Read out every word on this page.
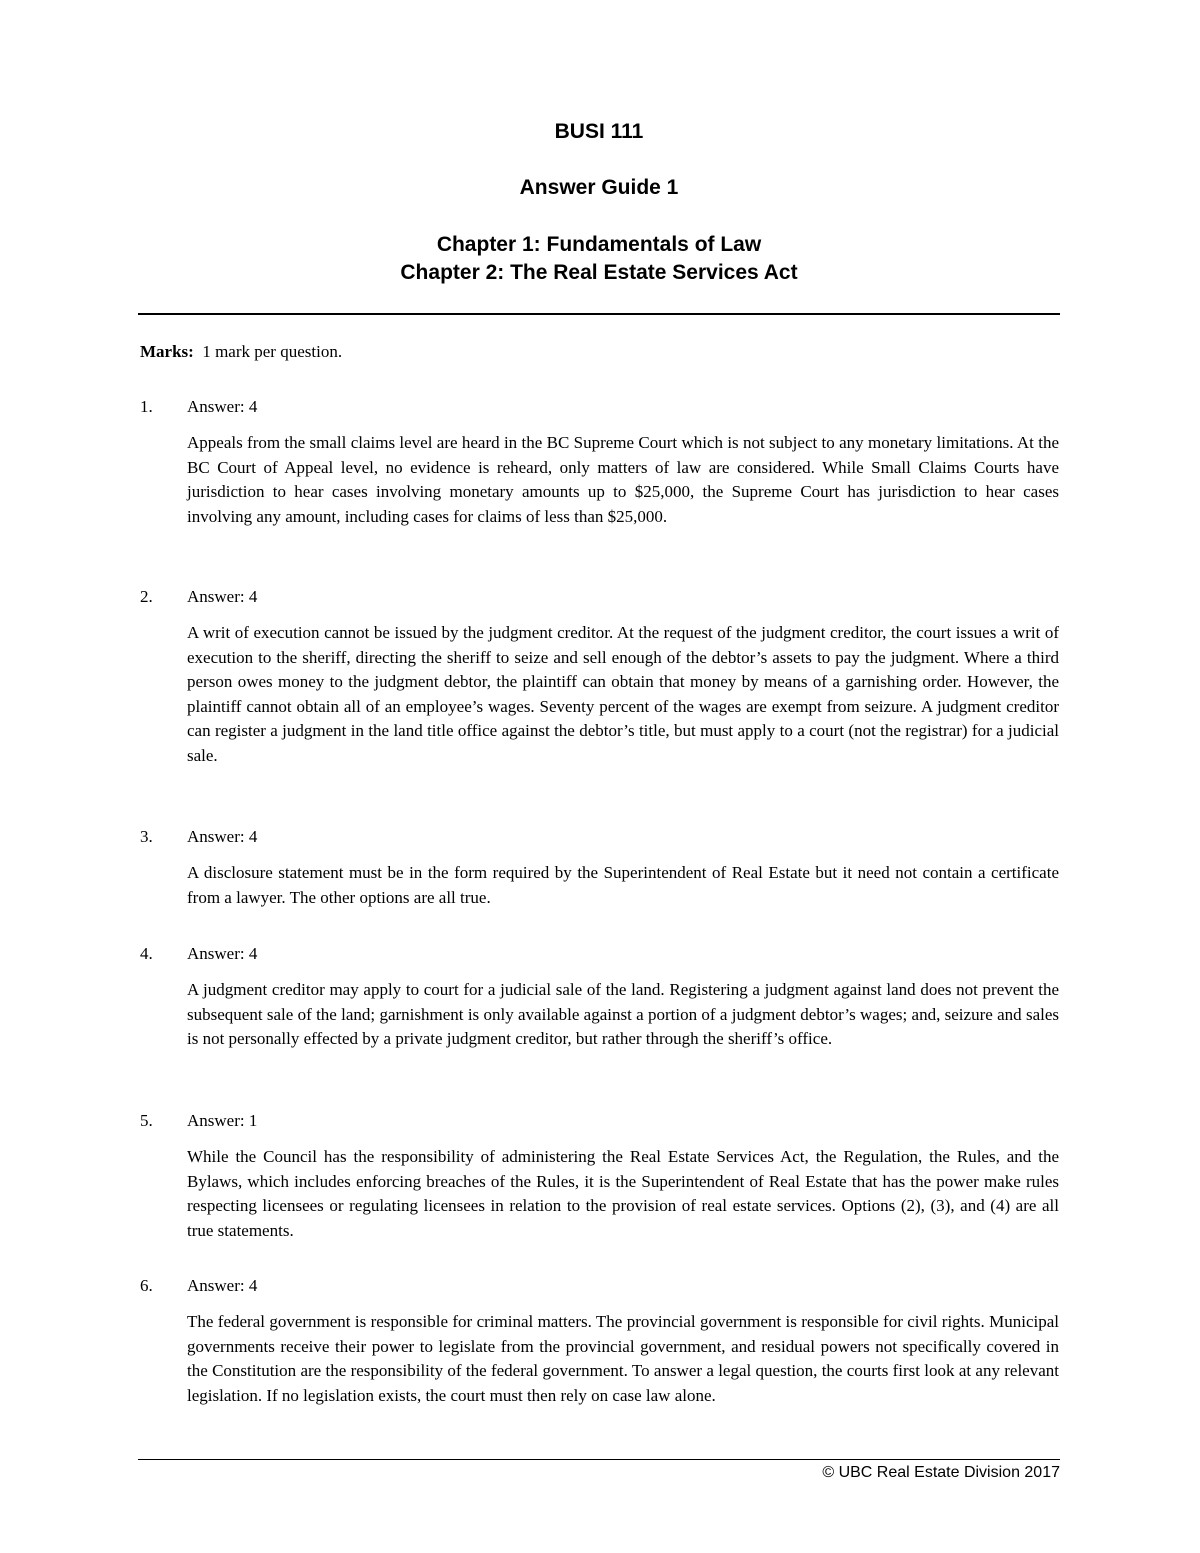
BUSI 111
Answer Guide 1
Chapter 1: Fundamentals of Law
Chapter 2: The Real Estate Services Act
Marks: 1 mark per question.
1. Answer: 4

Appeals from the small claims level are heard in the BC Supreme Court which is not subject to any monetary limitations. At the BC Court of Appeal level, no evidence is reheard, only matters of law are considered. While Small Claims Courts have jurisdiction to hear cases involving monetary amounts up to $25,000, the Supreme Court has jurisdiction to hear cases involving any amount, including cases for claims of less than $25,000.

2. Answer: 4

A writ of execution cannot be issued by the judgment creditor. At the request of the judgment creditor, the court issues a writ of execution to the sheriff, directing the sheriff to seize and sell enough of the debtor’s assets to pay the judgment. Where a third person owes money to the judgment debtor, the plaintiff can obtain that money by means of a garnishing order. However, the plaintiff cannot obtain all of an employee’s wages. Seventy percent of the wages are exempt from seizure. A judgment creditor can register a judgment in the land title office against the debtor’s title, but must apply to a court (not the registrar) for a judicial sale.

3. Answer: 4

A disclosure statement must be in the form required by the Superintendent of Real Estate but it need not contain a certificate from a lawyer. The other options are all true.

4. Answer: 4

A judgment creditor may apply to court for a judicial sale of the land. Registering a judgment against land does not prevent the subsequent sale of the land; garnishment is only available against a portion of a judgment debtor’s wages; and, seizure and sales is not personally effected by a private judgment creditor, but rather through the sheriff’s office.

5. Answer: 1

While the Council has the responsibility of administering the Real Estate Services Act, the Regulation, the Rules, and the Bylaws, which includes enforcing breaches of the Rules, it is the Superintendent of Real Estate that has the power make rules respecting licensees or regulating licensees in relation to the provision of real estate services. Options (2), (3), and (4) are all true statements.

6. Answer: 4

The federal government is responsible for criminal matters. The provincial government is responsible for civil rights. Municipal governments receive their power to legislate from the provincial government, and residual powers not specifically covered in the Constitution are the responsibility of the federal government. To answer a legal question, the courts first look at any relevant legislation. If no legislation exists, the court must then rely on case law alone.

© UBC Real Estate Division 2017
